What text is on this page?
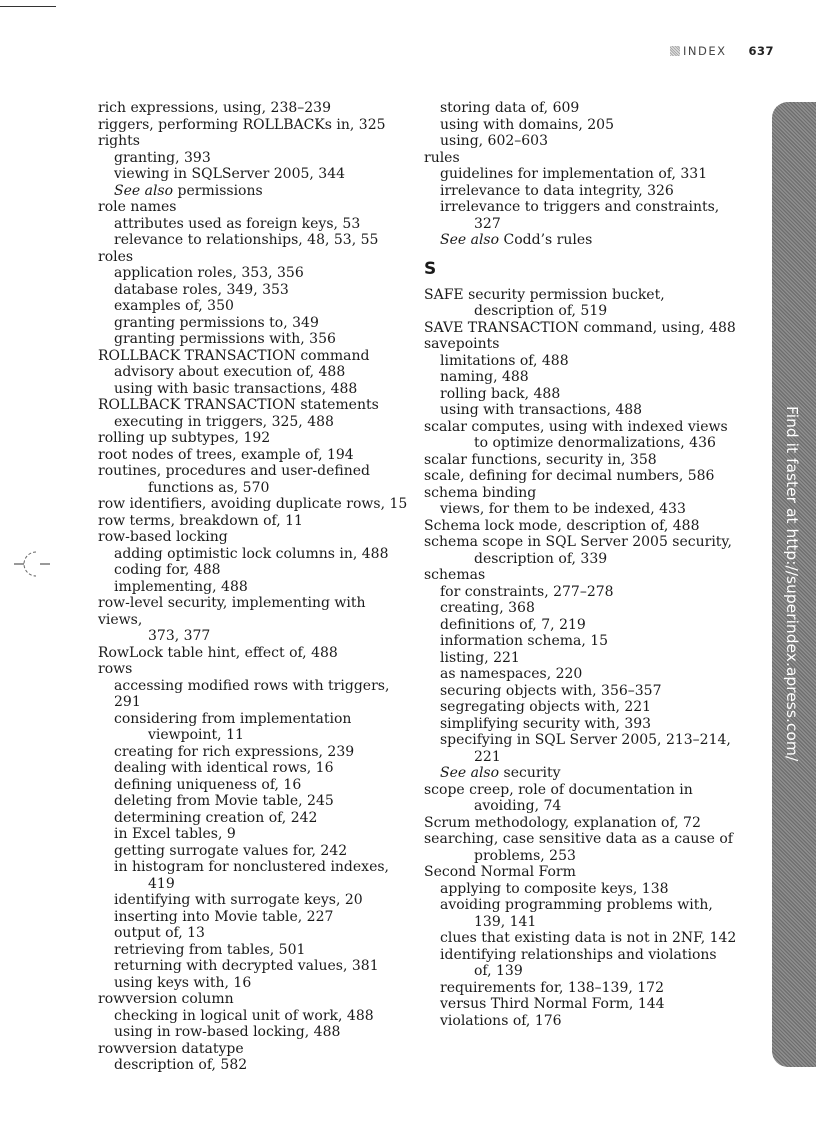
INDEX 637
rich expressions, using, 238–239
riggers, performing ROLLBACKs in, 325
rights
granting, 393
viewing in SQLServer 2005, 344
See also permissions
role names
attributes used as foreign keys, 53
relevance to relationships, 48, 53, 55
roles
application roles, 353, 356
database roles, 349, 353
examples of, 350
granting permissions to, 349
granting permissions with, 356
ROLLBACK TRANSACTION command
advisory about execution of, 488
using with basic transactions, 488
ROLLBACK TRANSACTION statements
executing in triggers, 325, 488
rolling up subtypes, 192
root nodes of trees, example of, 194
routines, procedures and user-defined
functions as, 570
row identifiers, avoiding duplicate rows, 15
row terms, breakdown of, 11
row-based locking
adding optimistic lock columns in, 488
coding for, 488
implementing, 488
row-level security, implementing with views,
373, 377
RowLock table hint, effect of, 488
rows
accessing modified rows with triggers, 291
considering from implementation
viewpoint, 11
creating for rich expressions, 239
dealing with identical rows, 16
defining uniqueness of, 16
deleting from Movie table, 245
determining creation of, 242
in Excel tables, 9
getting surrogate values for, 242
in histogram for nonclustered indexes,
419
identifying with surrogate keys, 20
inserting into Movie table, 227
output of, 13
retrieving from tables, 501
returning with decrypted values, 381
using keys with, 16
rowversion column
checking in logical unit of work, 488
using in row-based locking, 488
rowversion datatype
description of, 582
storing data of, 609
using with domains, 205
using, 602–603
rules
guidelines for implementation of, 331
irrelevance to data integrity, 326
irrelevance to triggers and constraints,
327
See also Codd’s rules
S
SAFE security permission bucket,
description of, 519
SAVE TRANSACTION command, using, 488
savepoints
limitations of, 488
naming, 488
rolling back, 488
using with transactions, 488
scalar computes, using with indexed views
to optimize denormalizations, 436
scalar functions, security in, 358
scale, defining for decimal numbers, 586
schema binding
views, for them to be indexed, 433
Schema lock mode, description of, 488
schema scope in SQL Server 2005 security,
description of, 339
schemas
for constraints, 277–278
creating, 368
definitions of, 7, 219
information schema, 15
listing, 221
as namespaces, 220
securing objects with, 356–357
segregating objects with, 221
simplifying security with, 393
specifying in SQL Server 2005, 213–214,
221
See also security
scope creep, role of documentation in
avoiding, 74
Scrum methodology, explanation of, 72
searching, case sensitive data as a cause of
problems, 253
Second Normal Form
applying to composite keys, 138
avoiding programming problems with,
139, 141
clues that existing data is not in 2NF, 142
identifying relationships and violations
of, 139
requirements for, 138–139, 172
versus Third Normal Form, 144
violations of, 176
Find it faster at http://superindex.apress.com/
